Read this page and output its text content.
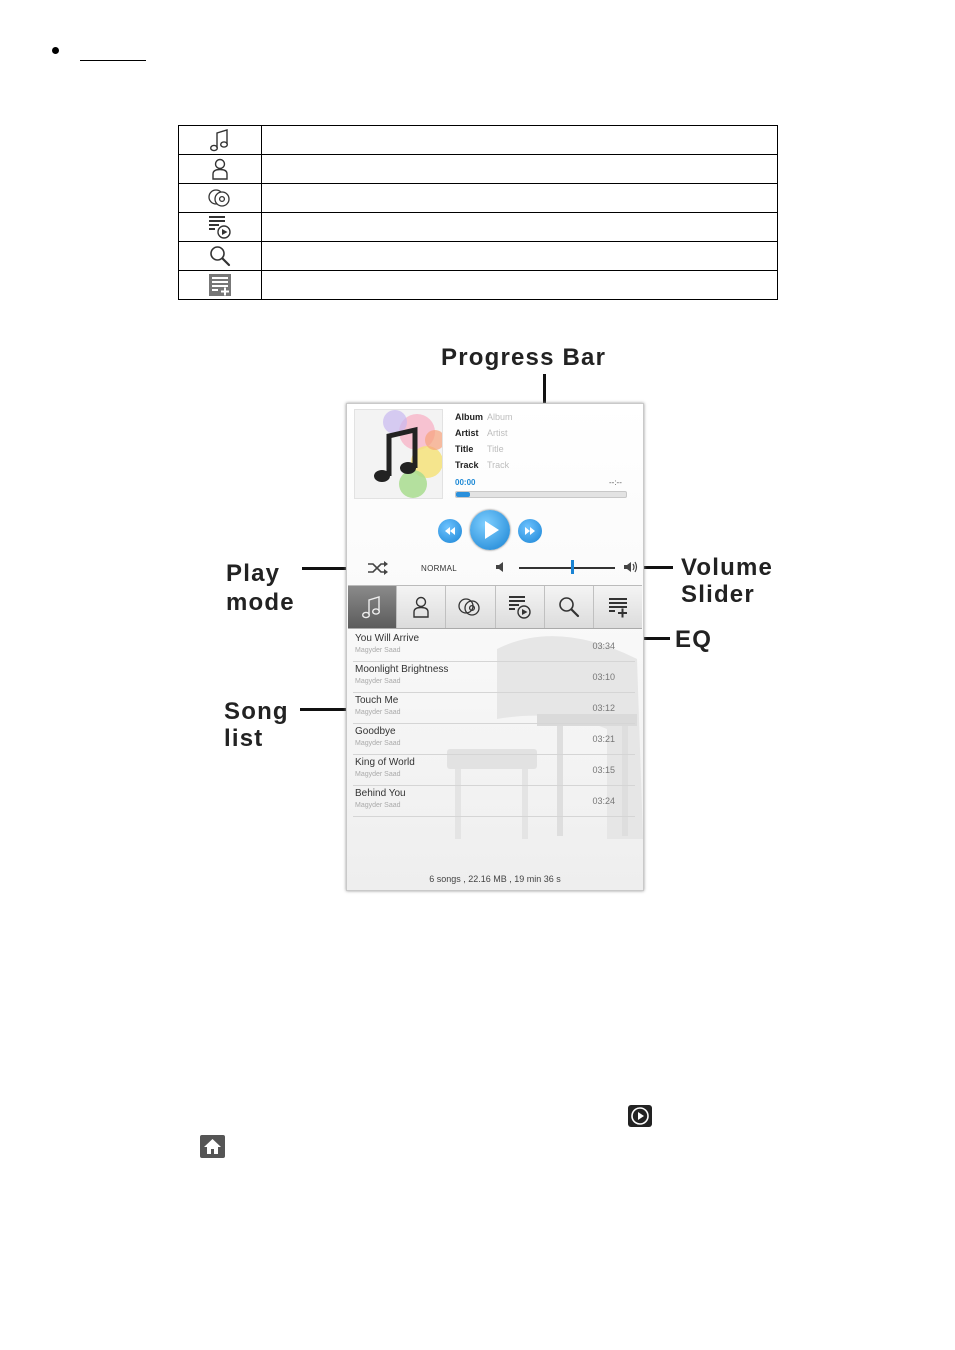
Progress Bar
Play
mode
Volume
Slider
EQ
Song
list
Album Album
Artist Artist
Title Title
Track Track
00:00	--:--
NORMAL
You Will Arrive
Magyder Saad	03:34
Moonlight Brightness
Magyder Saad	03:10
Touch Me
Magyder Saad	03:12
Goodbye
Magyder Saad	03:21
King of World
Magyder Saad	03:15
Behind You
Magyder Saad	03:24
6 songs , 22.16 MB , 19 min 36 s
